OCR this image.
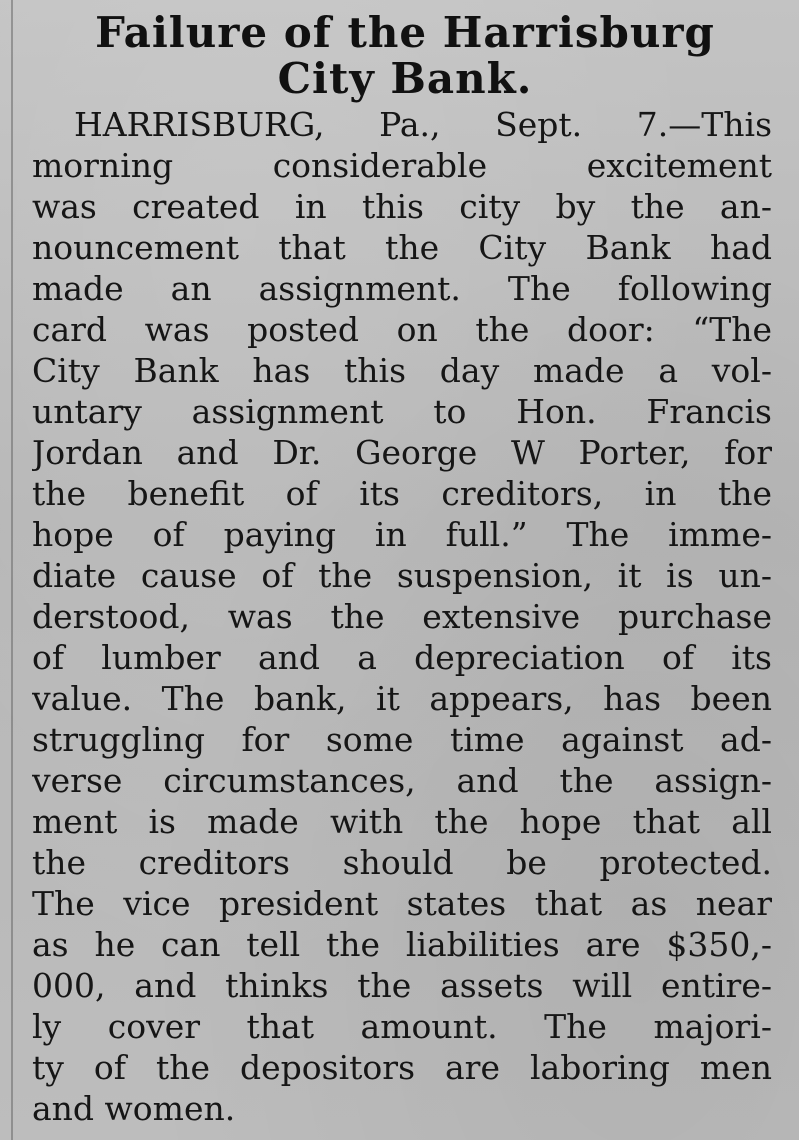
Failure of the Harrisburg
City Bank.
HARRISBURG, Pa., Sept. 7.—This
morning considerable excitement
was created in this city by the an-
nouncement that the City Bank had
made an assignment. The following
card was posted on the door: “The
City Bank has this day made a vol-
untary assignment to Hon. Francis
Jordan and Dr. George W Porter, for
the benefit of its creditors, in the
hope of paying in full.” The imme-
diate cause of the suspension, it is un-
derstood, was the extensive purchase
of lumber and a depreciation of its
value. The bank, it appears, has been
struggling for some time against ad-
verse circumstances, and the assign-
ment is made with the hope that all
the creditors should be protected.
The vice president states that as near
as he can tell the liabilities are $350,-
000, and thinks the assets will entire-
ly cover that amount. The majori-
ty of the depositors are laboring men
and women.
